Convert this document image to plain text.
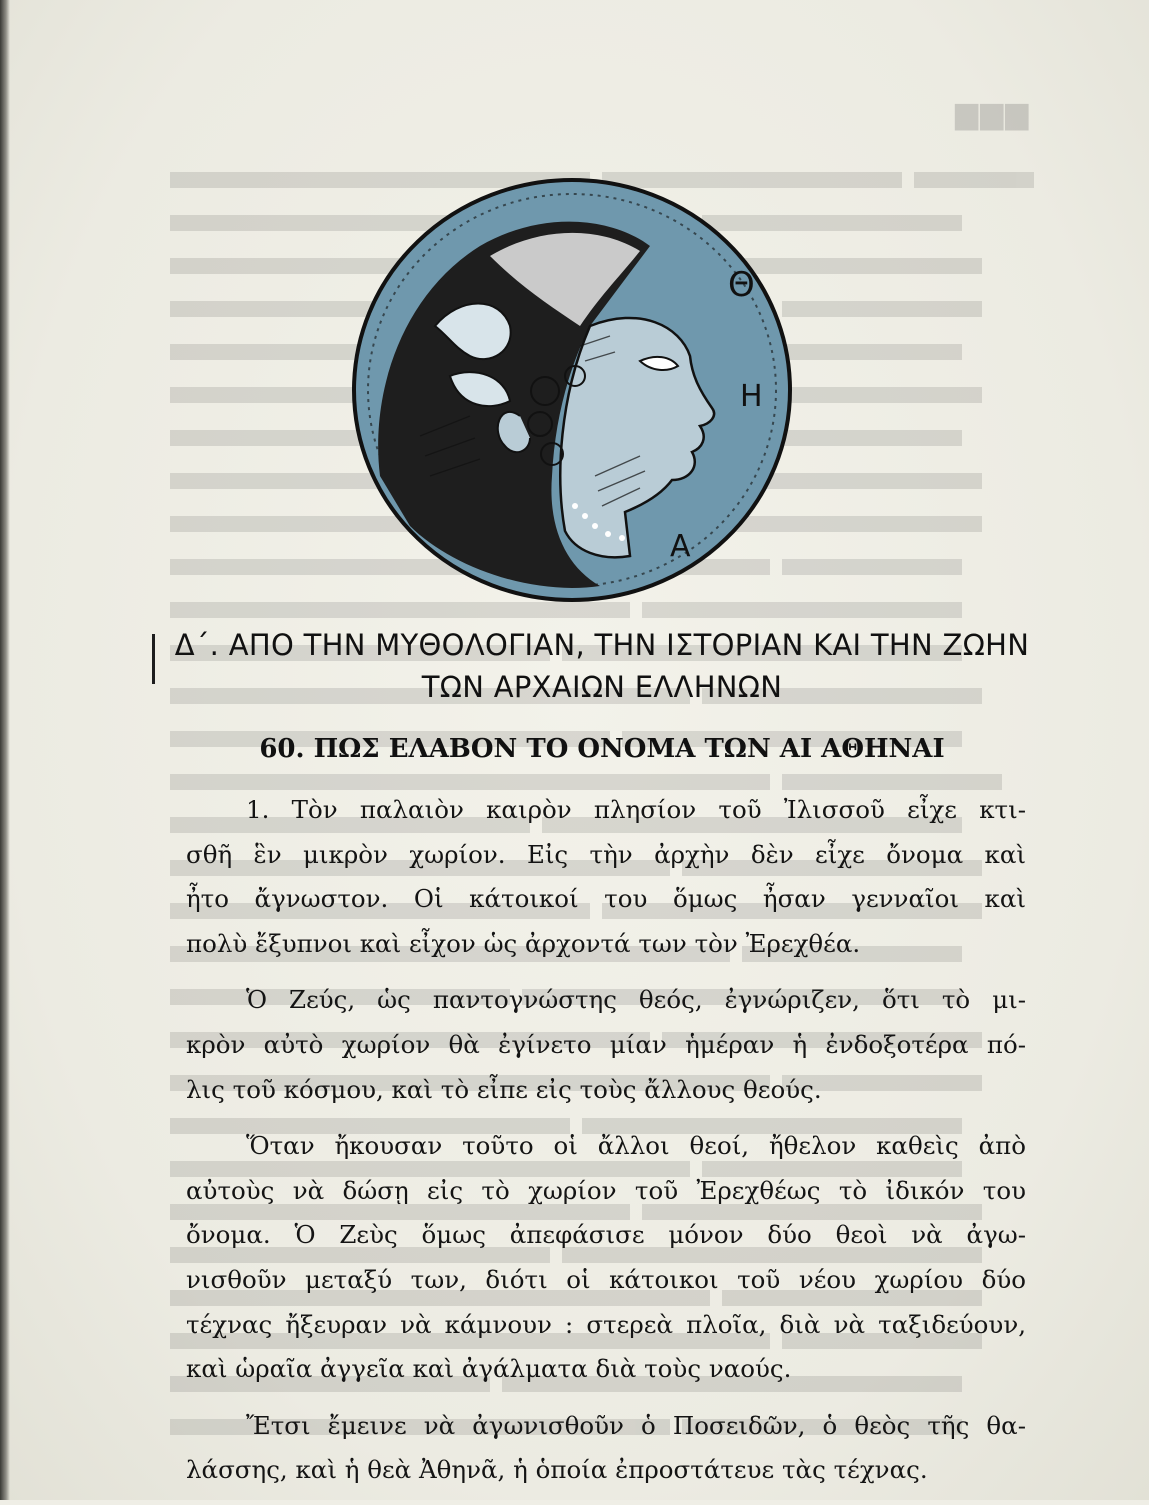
▆▆▆
Θ
Η
Α
Δ΄. ΑΠΟ ΤΗΝ ΜΥΘΟΛΟΓΙΑΝ, ΤΗΝ ΙΣΤΟΡΙΑΝ ΚΑΙ ΤΗΝ ΖΩΗΝ
ΤΩΝ ΑΡΧΑΙΩΝ ΕΛΛΗΝΩΝ
60. ΠΩΣ ΕΛΑΒΟΝ ΤΟ ΟΝΟΜΑ ΤΩΝ ΑΙ ΑΘΗΝΑΙ
1. Τὸν παλαιὸν καιρὸν πλησίον τοῦ Ἰλισσοῦ εἶχε κτι-
σθῆ ἓν μικρὸν χωρίον. Εἰς τὴν ἀρχὴν δὲν εἶχε ὄνομα καὶ
ἦτο ἄγνωστον. Οἱ κάτοικοί του ὅμως ἦσαν γενναῖοι καὶ
πολὺ ἔξυπνοι καὶ εἶχον ὡς ἀρχοντά των τὸν Ἐρεχθέα.
Ὁ Ζεύς, ὡς παντογνώστης θεός, ἐγνώριζεν, ὅτι τὸ μι-
κρὸν αὐτὸ χωρίον θὰ ἐγίνετο μίαν ἡμέραν ἡ ἐνδοξοτέρα πό-
λις τοῦ κόσμου, καὶ τὸ εἶπε εἰς τοὺς ἄλλους θεούς.
Ὅταν ἤκουσαν τοῦτο οἱ ἄλλοι θεοί, ἤθελον καθεὶς ἀπὸ
αὐτοὺς νὰ δώσῃ εἰς τὸ χωρίον τοῦ Ἐρεχθέως τὸ ἰδικόν του
ὄνομα. Ὁ Ζεὺς ὅμως ἀπεφάσισε μόνον δύο θεοὶ νὰ ἀγω-
νισθοῦν μεταξύ των, διότι οἱ κάτοικοι τοῦ νέου χωρίου δύο
τέχνας ἤξευραν νὰ κάμνουν : στερεὰ πλοῖα, διὰ νὰ ταξιδεύουν,
καὶ ὡραῖα ἀγγεῖα καὶ ἀγάλματα διὰ τοὺς ναούς.
Ἔτσι ἔμεινε νὰ ἀγωνισθοῦν ὁ Ποσειδῶν, ὁ θεὸς τῆς θα-
λάσσης, καὶ ἡ θεὰ Ἀθηνᾶ, ἡ ὁποία ἐπροστάτευε τὰς τέχνας.
